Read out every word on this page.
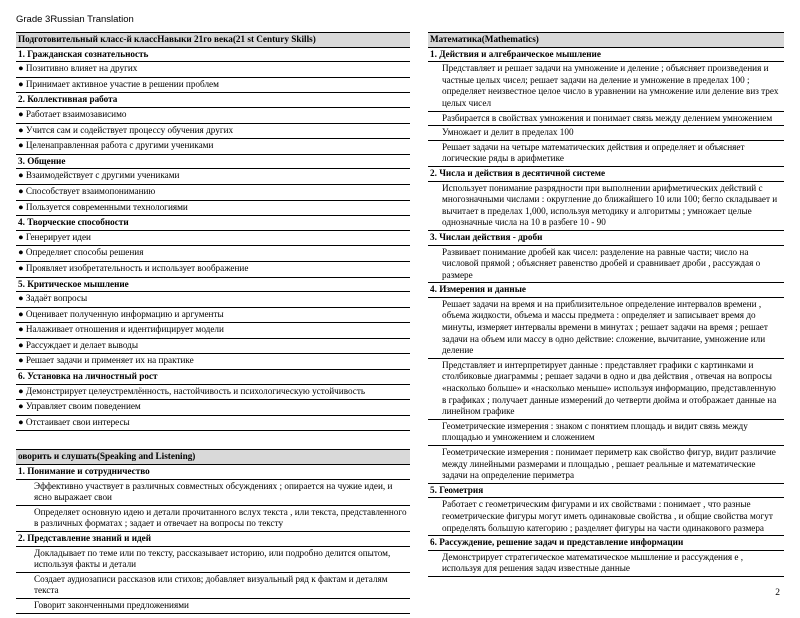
Grade 3Russian Translation
Подготовительный класс-й классНавыки 21го века(21 st Century Skills)
1. Гражданская сознательность
● Позитивно влияет на других
● Принимает активное участие в решении проблем
2. Коллективная работа
● Работает взаимозависимо
● Учится сам и содействует процессу обучения других
● Целенаправленная работа с другими учениками
3. Общение
● Взаимодействует с другими учениками
● Способствует взаимопониманию
● Пользуется современными технологиями
4. Творческие способности
● Генерирует идеи
● Определяет способы решения
● Проявляет изобретательность и использует воображение
5. Критическое мышление
● Задаёт вопросы
● Оценивает полученную информацию и аргументы
● Налаживает отношения и идентифицирует модели
● Рассуждает и делает выводы
● Решает задачи и применяет их на практике
6. Установка на личностный рост
● Демонстрирует целеустремлённость, настойчивость и психологическую устойчивость
● Управляет своим поведением
● Отстаивает свои интересы
оворить и слушать(Speaking and Listening)
1. Понимание и сотрудничество
Эффективно участвует в различных совместных обсуждениях ; опирается на чужие идеи, и ясно выражает свои
Определяет основную идею и детали прочитанного вслух текста , или текста, представленного в различных форматах ; задает и отвечает на вопросы по тексту
2. Представление знаний и идей
Докладывает по теме или по тексту, рассказывает историю, или подробно делится опытом, используя факты и детали
Создает аудиозаписи рассказов или стихов; добавляет визуальный ряд к фактам и деталям текста
Говорит законченными предложениями
Математика(Mathematics)
1. Действия и алгебраическое мышление
Представляет и решает задачи на умножение и деление ; объясняет произведения и частные целых чисел; решает задачи на деление и умножение в пределах 100 ; определяет неизвестное целое число в уравнении на умножение или деление виз трех целых чисел
Разбирается в свойствах умножения и понимает связь между делением умножением
Умножает и делит в пределах 100
Решает задачи на четыре математических действия и определяет и объясняет логические ряды в арифметике
2. Числа и действия в десятичной системе
Использует понимание разрядности при выполнении арифметических действий с многозначными числами : округление до ближайшего 10 или 100; бегло складывает и вычитает в пределах 1,000, используя методику и алгоритмы ; умножает целые однозначные числа на 10 в разбеге 10 - 90
3. Числаи действия - дроби
Развивает понимание дробей как чисел: разделение на равные части; число на числовой прямой ; объясняет равенство дробей и сравнивает дроби , рассуждая о размере
4. Измерения и данные
Решает задачи на время и на приблизительное определение интервалов времени , объема жидкости, объема и массы предмета : определяет и записывает время до минуты, измеряет интервалы времени в минутах ; решает задачи на время ; решает задачи на объем или массу в одно действие: сложение, вычитание, умножение или деление
Представляет и интерпретирует данные : представляет графики с картинками и столбиковые диаграммы ; решает задачи в одно и два действия , отвечая на вопросы «насколько больше» и «насколько меньше» используя информацию, представленную в графиках ; получает данные измерений до четверти дюйма и отображает данные на линейном графике
Геометрические измерения : знаком с понятием площадь и видит связь между площадью и умножением и сложением
Геометрические измерения : понимает периметр как свойство фигур, видит различие между линейными размерами и площадью , решает реальные и математические задачи на определение периметра
5. Геометрия
Работает с геометрическим фигурами и их свойствами : понимает , что разные геометрические фигуры могут иметь одинаковые свойства , и общие свойства могут определять большую категорию ; разделяет фигуры на части одинакового размера
6. Рассуждение, решение задач и представление информации
Демонстрирует стратегическое математическое мышление и рассуждения е , используя для решения задач известные данные
2
